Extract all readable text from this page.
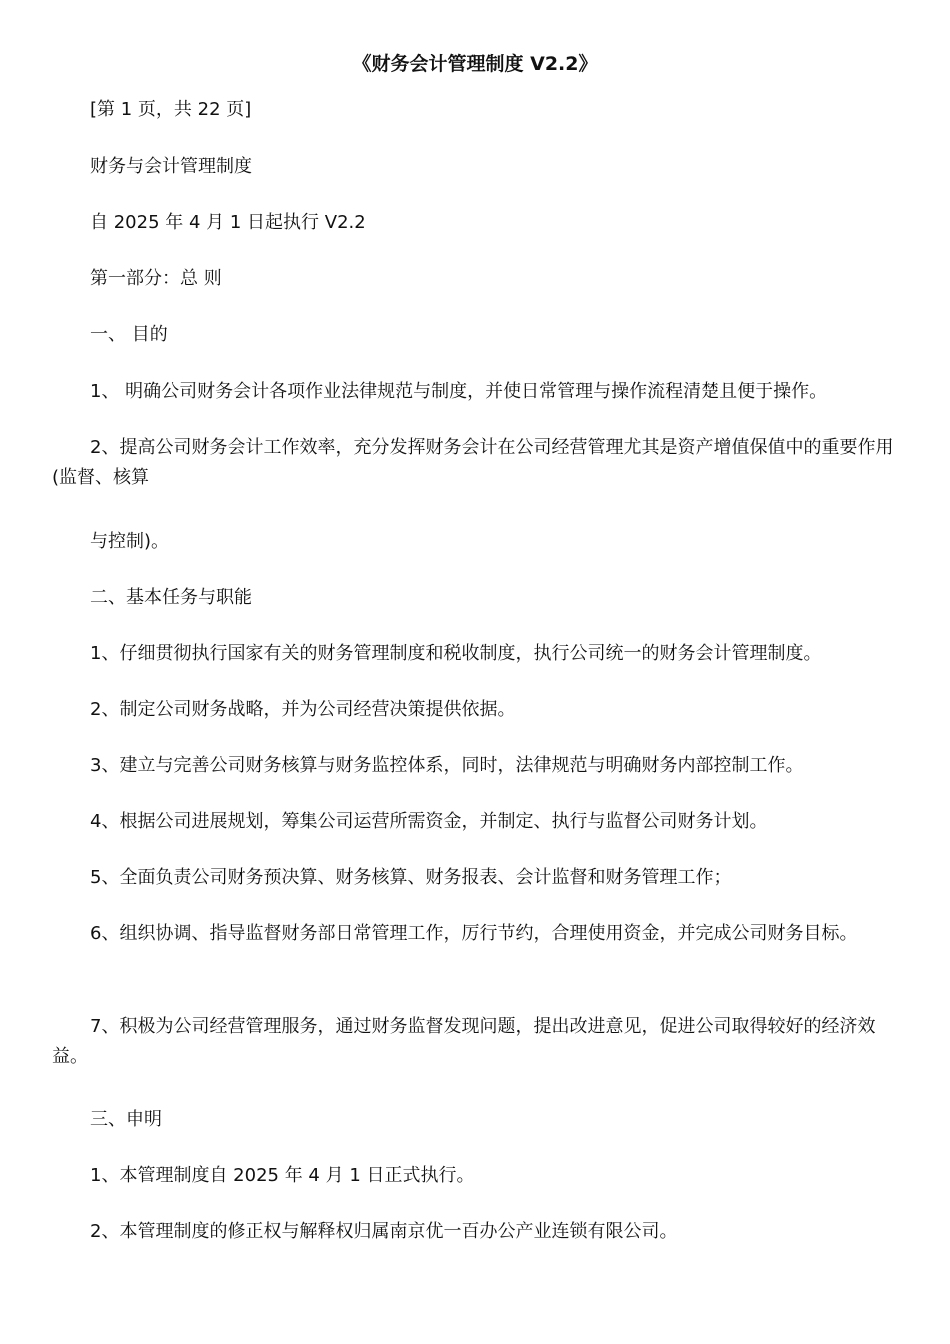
《财务会计管理制度 V2.2》
[第 1 页，共 22 页]
财务与会计管理制度
自 2025 年 4 月 1 日起执行 V2.2
第一部分：总 则
一、 目的
1、 明确公司财务会计各项作业法律规范与制度，并使日常管理与操作流程清楚且便于操作。
2、提高公司财务会计工作效率，充分发挥财务会计在公司经营管理尤其是资产增值保值中的重要作用(监督、核算
与控制)。
二、基本任务与职能
1、仔细贯彻执行国家有关的财务管理制度和税收制度，执行公司统一的财务会计管理制度。
2、制定公司财务战略，并为公司经营决策提供依据。
3、建立与完善公司财务核算与财务监控体系，同时，法律规范与明确财务内部控制工作。
4、根据公司进展规划，筹集公司运营所需资金，并制定、执行与监督公司财务计划。
5、全面负责公司财务预决算、财务核算、财务报表、会计监督和财务管理工作；
6、组织协调、指导监督财务部日常管理工作，厉行节约，合理使用资金，并完成公司财务目标。
7、积极为公司经营管理服务，通过财务监督发现问题，提出改进意见，促进公司取得较好的经济效益。
三、申明
1、本管理制度自 2025 年 4 月 1 日正式执行。
2、本管理制度的修正权与解释权归属南京优一百办公产业连锁有限公司。
